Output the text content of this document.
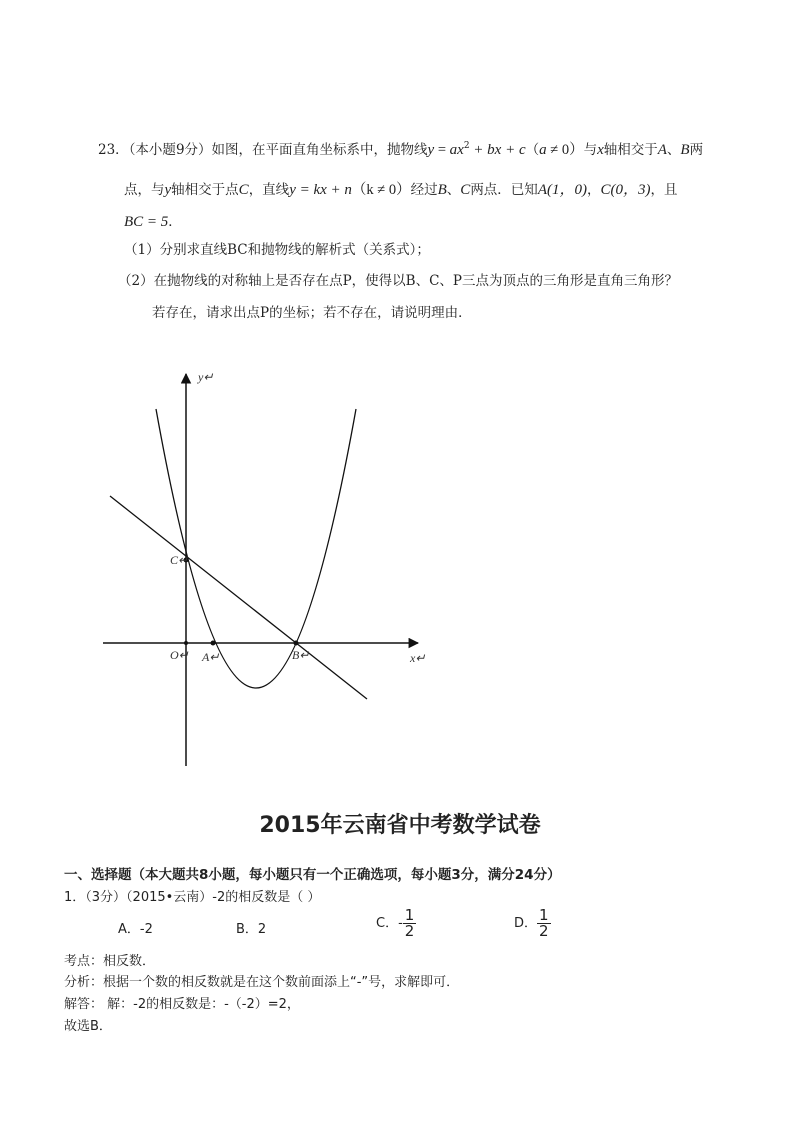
23．（本小题9分）如图，在平面直角坐标系中，抛物线$y = ax^2$ + bx + c（a ≠ 0）与x轴相交于A、B两
点，与y轴相交于点C，直线y = kx + n（k ≠ 0）经过B、C两点．已知A(1，0)，C(0，3)，且
BC = 5．
（1）分别求直线BC和抛物线的解析式（关系式）；
（2）在抛物线的对称轴上是否存在点P，使得以B、C、P三点为顶点的三角形是直角三角形？
若存在，请求出点P的坐标；若不存在，请说明理由．
y↵
x↵
O↵ A↵	B↵
C↵
2015年云南省中考数学试卷
一、选择题（本大题共8小题，每小题只有一个正确选项，每小题3分，满分24分）
1．（3分）（2015•云南）-2的相反数是（ ）
A．-2	B．2	C．- $\frac{1}{2}$	D． $\frac{1}{2}$
考点：相反数．
分析：根据一个数的相反数就是在这个数前面添上“-”号，求解即可．
解答： 解：-2的相反数是：-（-2）=2，
故选B．
